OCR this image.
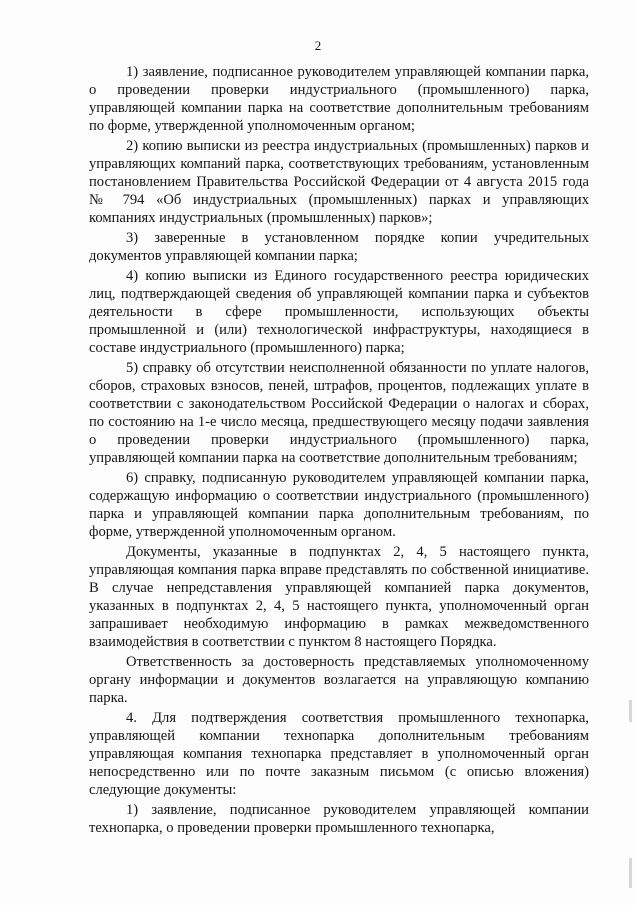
2

1) заявление, подписанное руководителем управляющей компании парка, о проведении проверки индустриального (промышленного) парка, управляющей компании парка на соответствие дополнительным требованиям по форме, утвержденной уполномоченным органом;

2) копию выписки из реестра индустриальных (промышленных) парков и управляющих компаний парка, соответствующих требованиям, установленным постановлением Правительства Российской Федерации от 4 августа 2015 года № 794 «Об индустриальных (промышленных) парках и управляющих компаниях индустриальных (промышленных) парков»;

3) заверенные в установленном порядке копии учредительных документов управляющей компании парка;

4) копию выписки из Единого государственного реестра юридических лиц, подтверждающей сведения об управляющей компании парка и субъектов деятельности в сфере промышленности, использующих объекты промышленной и (или) технологической инфраструктуры, находящиеся в составе индустриального (промышленного) парка;

5) справку об отсутствии неисполненной обязанности по уплате налогов, сборов, страховых взносов, пеней, штрафов, процентов, подлежащих уплате в соответствии с законодательством Российской Федерации о налогах и сборах, по состоянию на 1-е число месяца, предшествующего месяцу подачи заявления о проведении проверки индустриального (промышленного) парка, управляющей компании парка на соответствие дополнительным требованиям;

6) справку, подписанную руководителем управляющей компании парка, содержащую информацию о соответствии индустриального (промышленного) парка и управляющей компании парка дополнительным требованиям, по форме, утвержденной уполномоченным органом.

Документы, указанные в подпунктах 2, 4, 5 настоящего пункта, управляющая компания парка вправе представлять по собственной инициативе. В случае непредставления управляющей компанией парка документов, указанных в подпунктах 2, 4, 5 настоящего пункта, уполномоченный орган запрашивает необходимую информацию в рамках межведомственного взаимодействия в соответствии с пунктом 8 настоящего Порядка.

Ответственность за достоверность представляемых уполномоченному органу информации и документов возлагается на управляющую компанию парка.

4. Для подтверждения соответствия промышленного технопарка, управляющей компании технопарка дополнительным требованиям управляющая компания технопарка представляет в уполномоченный орган непосредственно или по почте заказным письмом (с описью вложения) следующие документы:

1) заявление, подписанное руководителем управляющей компании технопарка, о проведении проверки промышленного технопарка,
